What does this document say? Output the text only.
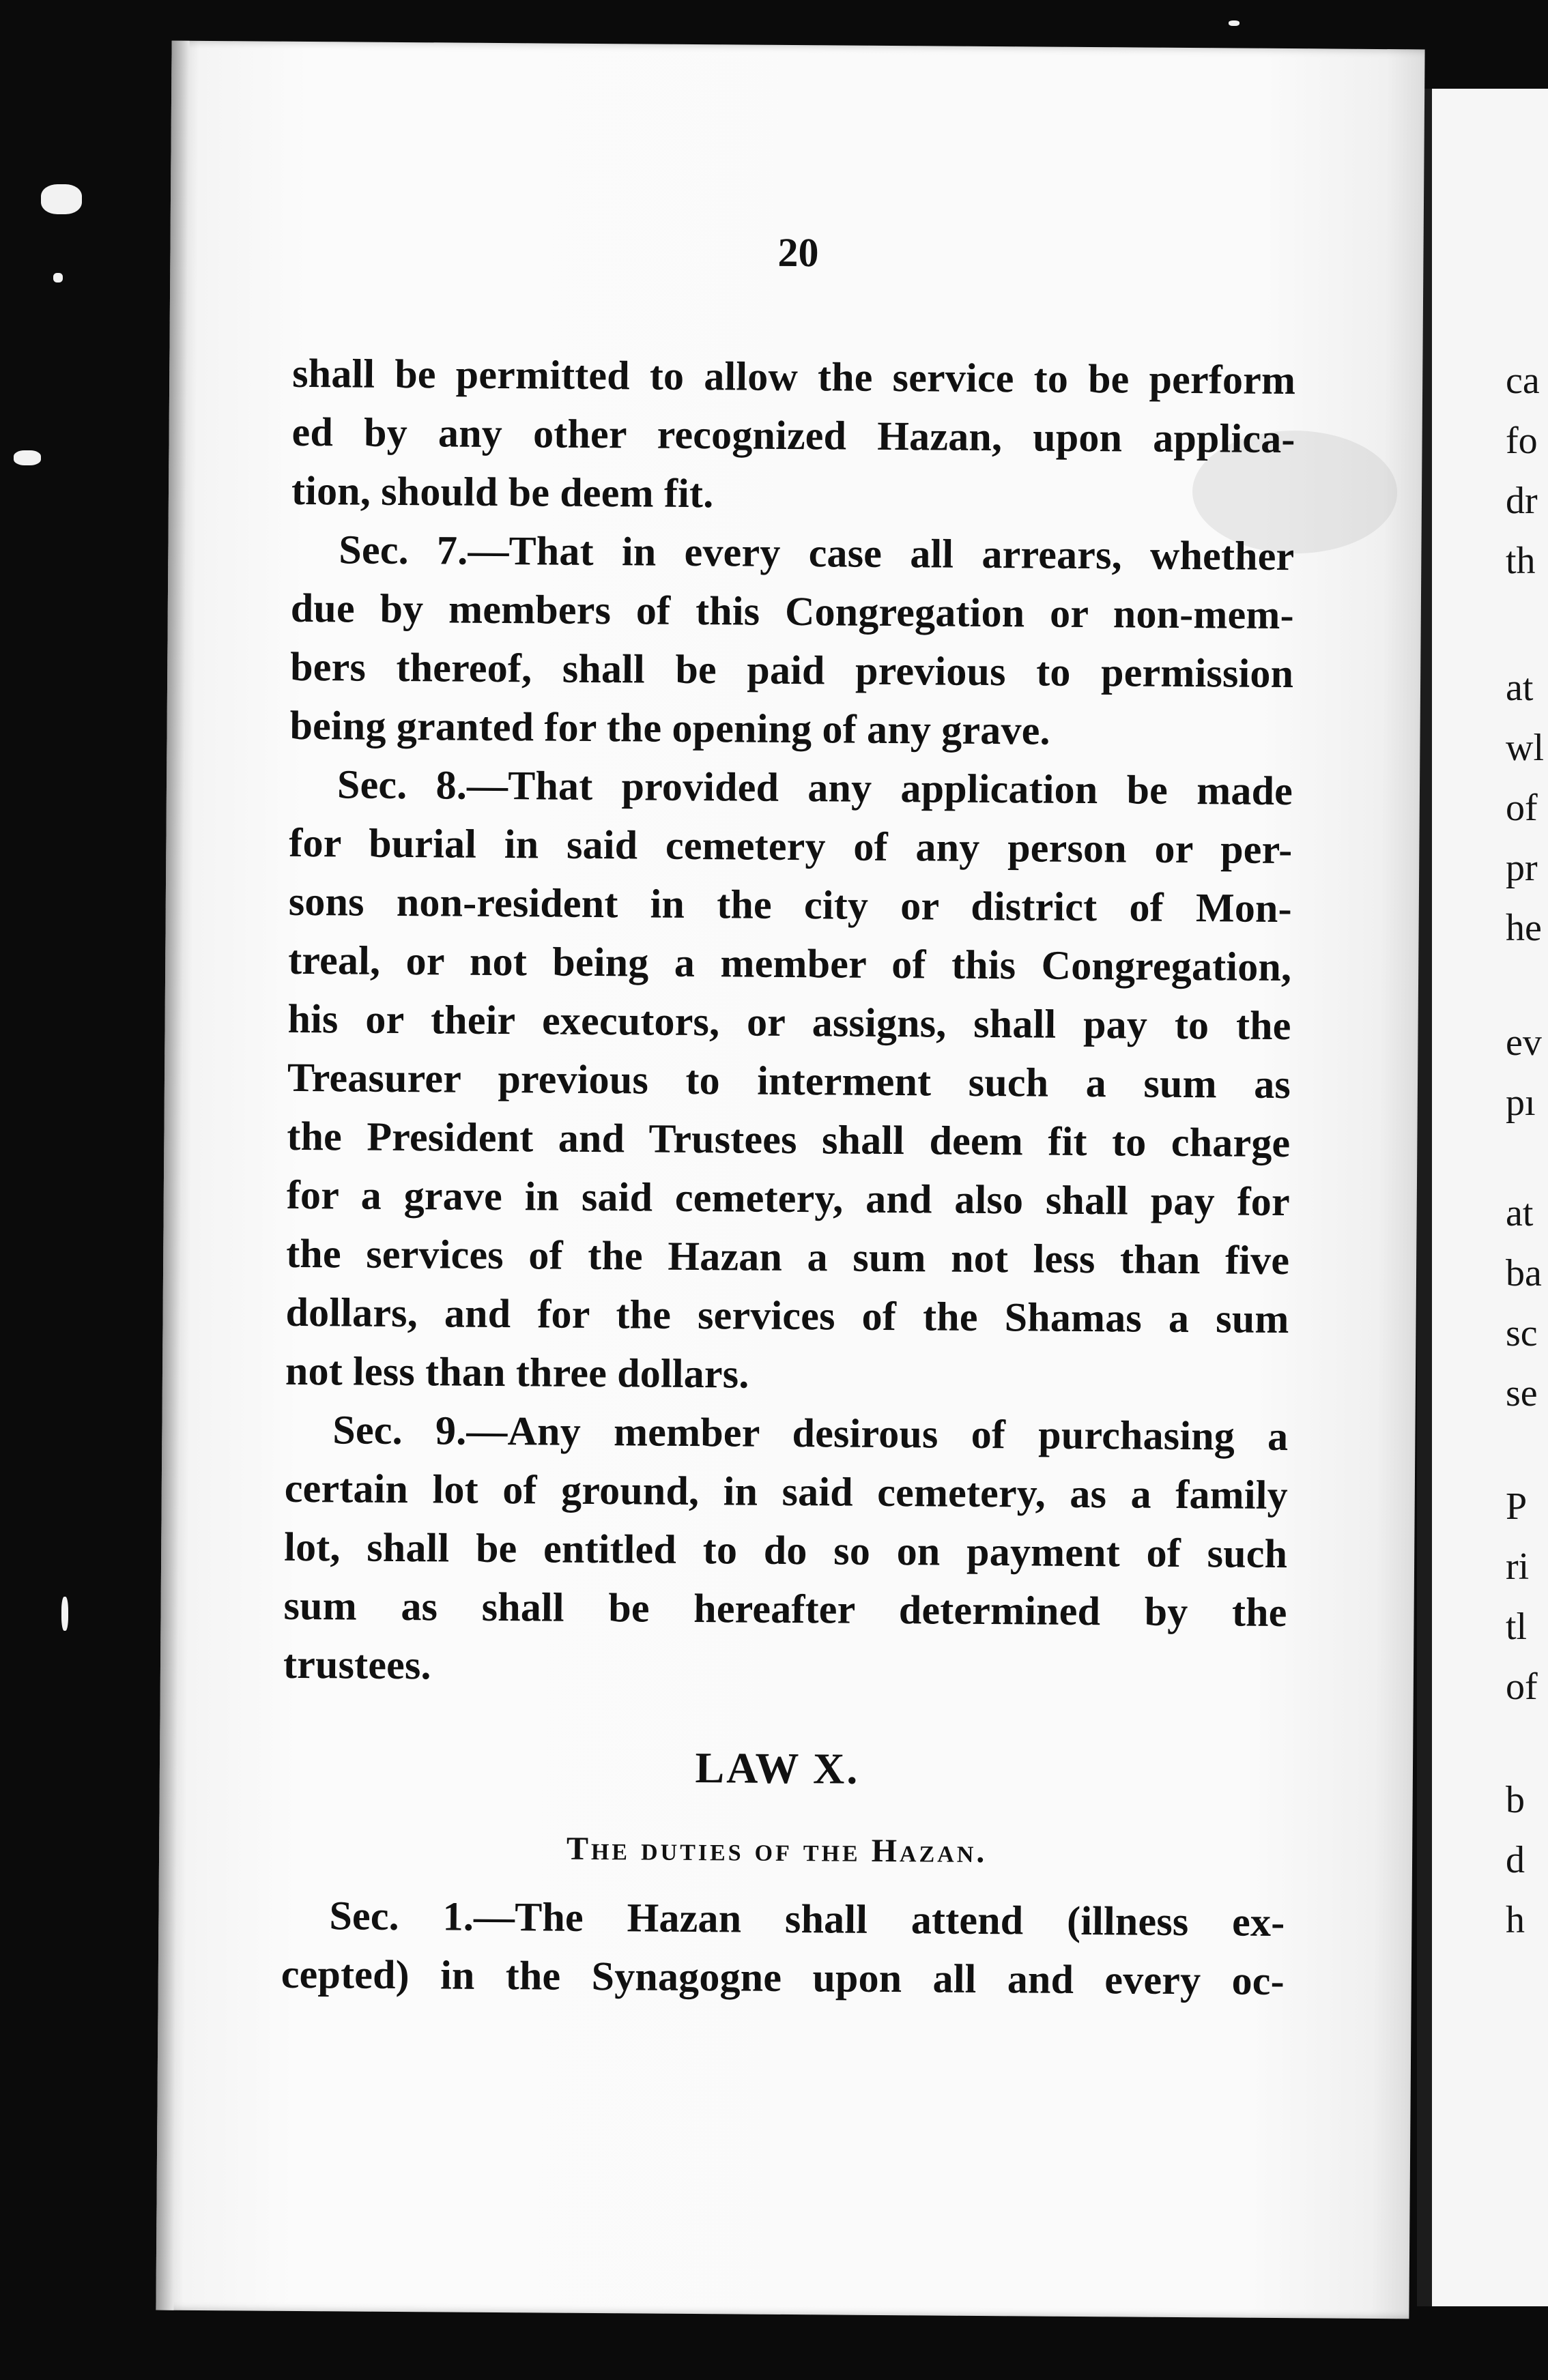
ca
fo
dr
th
at
wl
of
pr
he
ev
pı
at
ba
sc
se
P
ri
tl
of
b
d
h
20
shall be permitted to allow the service to be perform
ed by any other recognized Hazan, upon applica-
tion, should be deem fit.
Sec. 7.—That in every case all arrears, whether
due by members of this Congregation or non-mem-
bers thereof, shall be paid previous to permission
being granted for the opening of any grave.
Sec. 8.—That provided any application be made
for burial in said cemetery of any person or per-
sons non-resident in the city or district of Mon-
treal, or not being a member of this Congregation,
his or their executors, or assigns, shall pay to the
Treasurer previous to interment such a sum as
the President and Trustees shall deem fit to charge
for a grave in said cemetery, and also shall pay for
the services of the Hazan a sum not less than five
dollars, and for the services of the Shamas a sum
not less than three dollars.
Sec. 9.—Any member desirous of purchasing a
certain lot of ground, in said cemetery, as a family
lot, shall be entitled to do so on payment of such
sum as shall be hereafter determined by the
trustees.
LAW X.
The duties of the Hazan.
Sec. 1.—The Hazan shall attend (illness ex-
cepted) in the Synagogne upon all and every oc-
